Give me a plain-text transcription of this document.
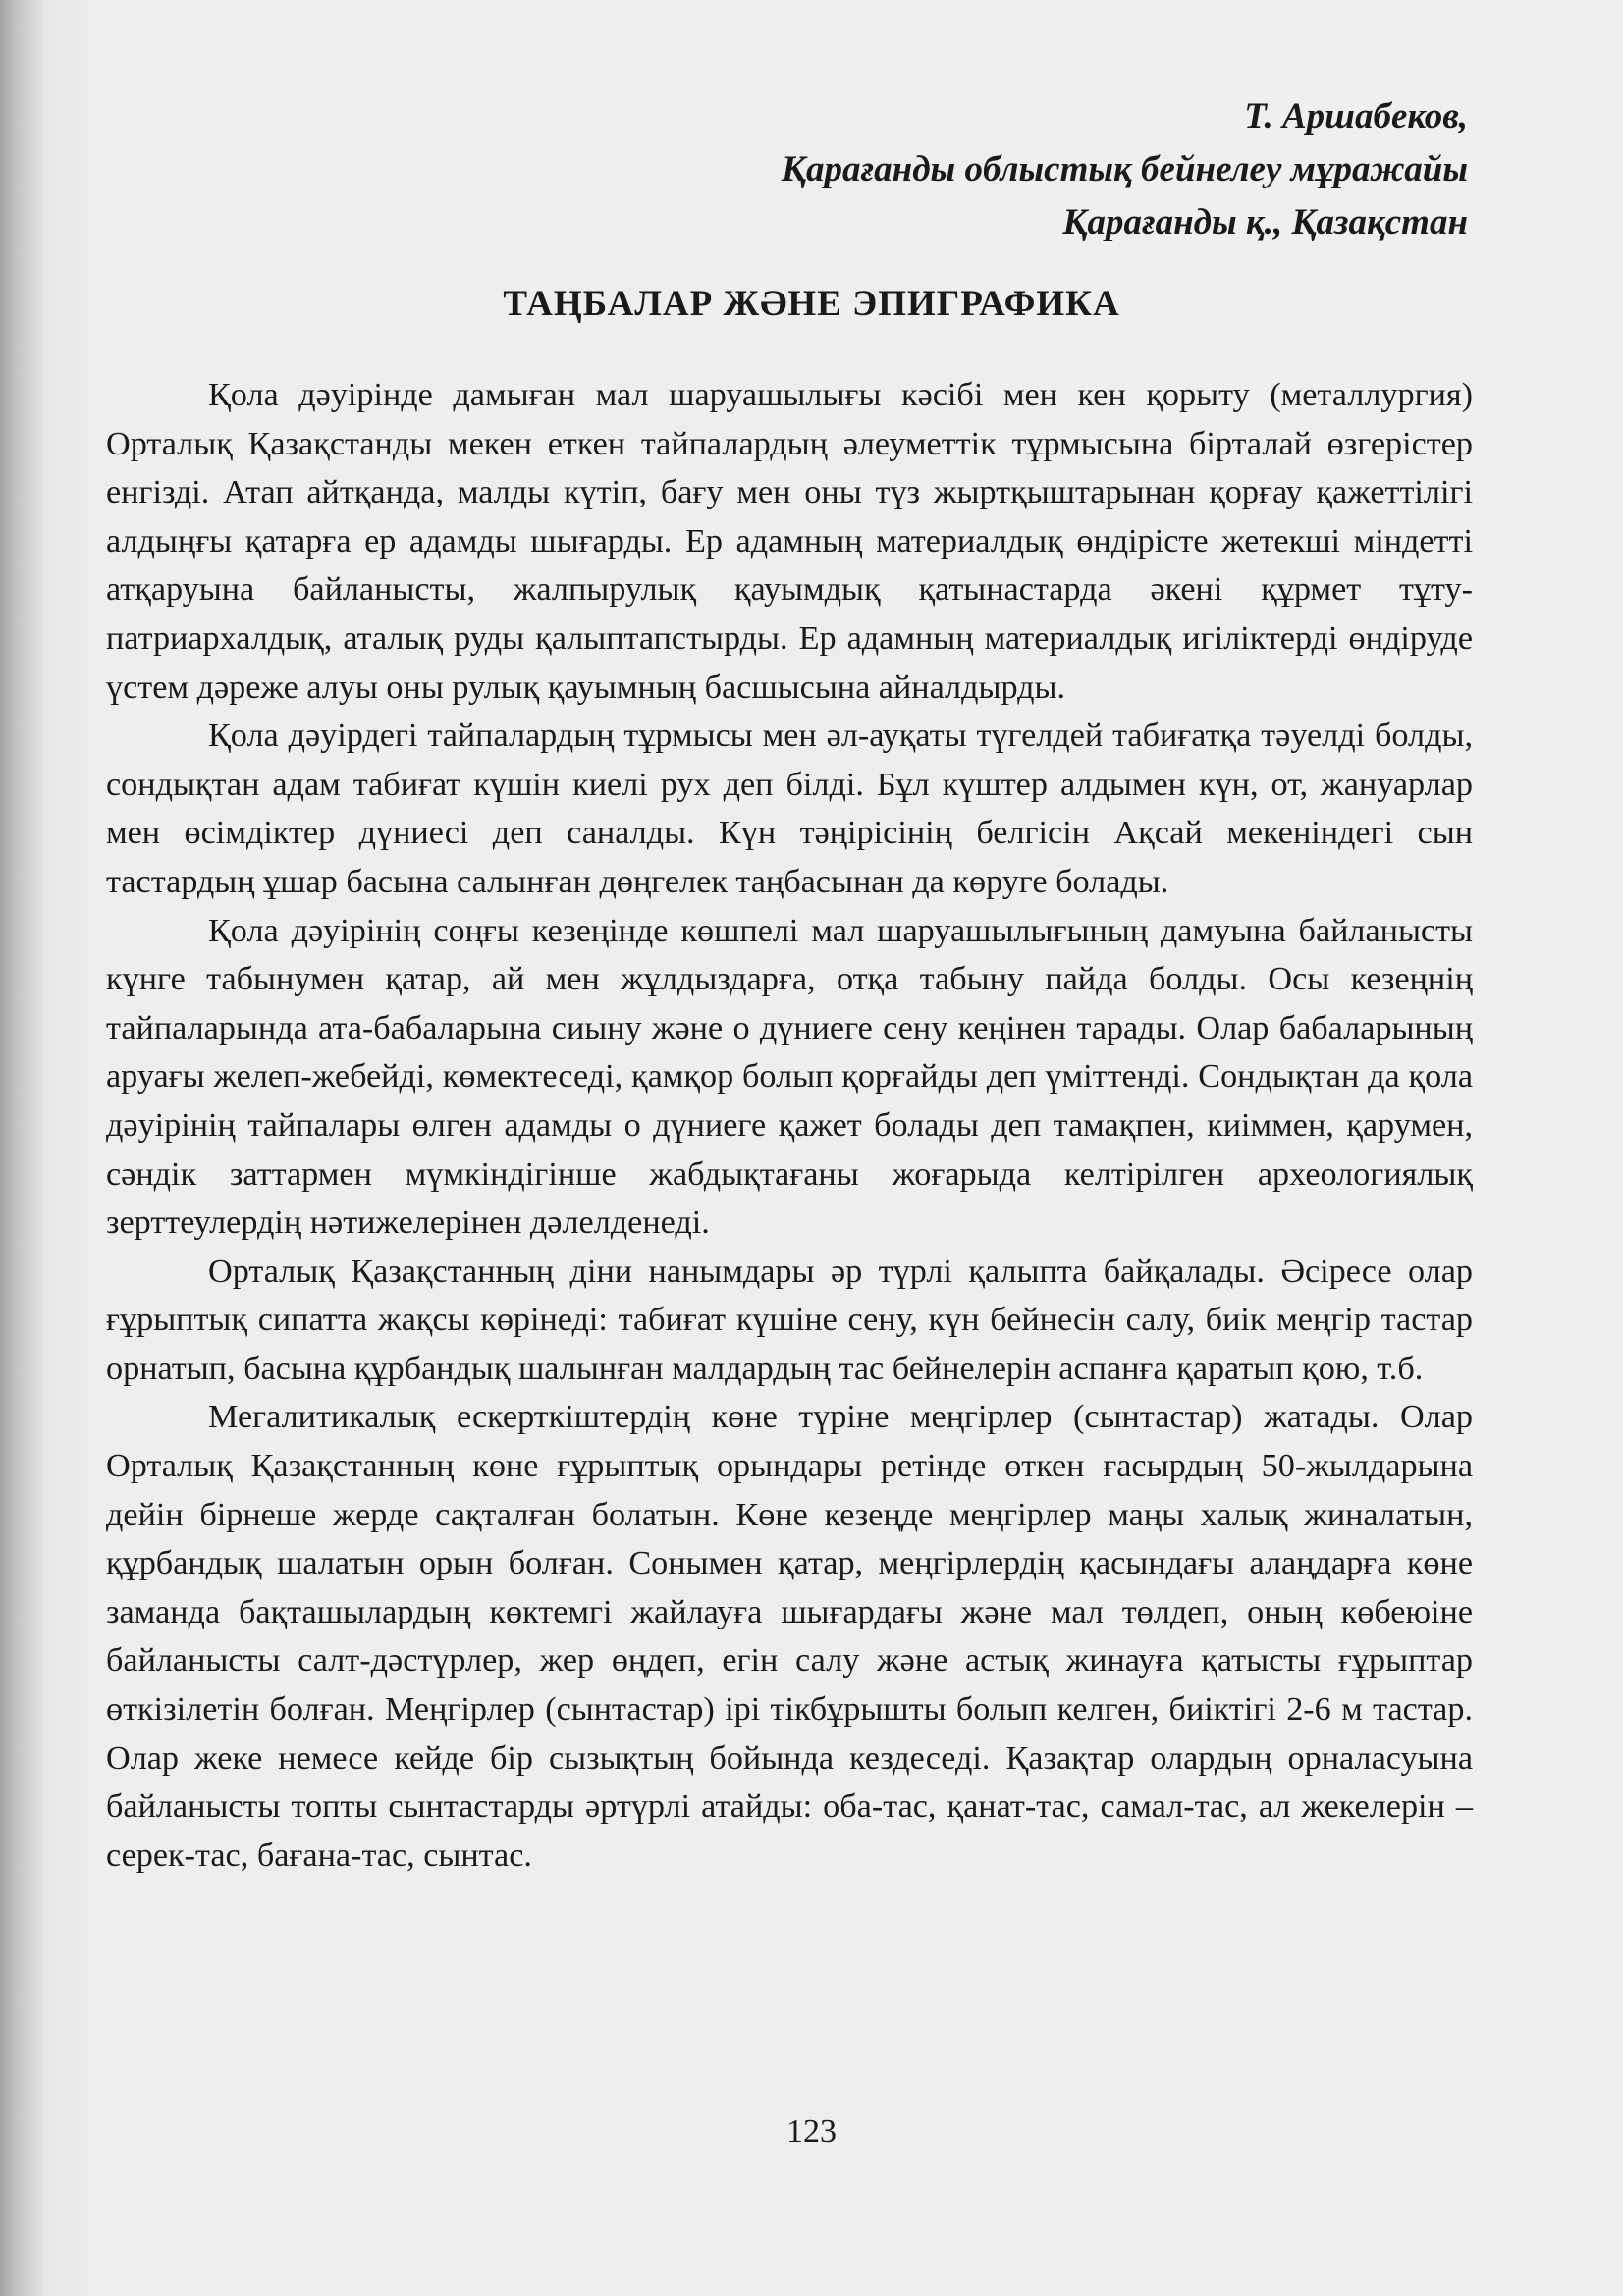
Т. Аршабеков,
Қарағанды облыстық бейнелеу мұражайы
Қарағанды қ., Қазақстан
ТАҢБАЛАР ЖӘНЕ ЭПИГРАФИКА

Қола дәуірінде дамыған мал шаруашылығы кәсібі мен кен қорыту (металлургия) Орталық Қазақстанды мекен еткен тайпалардың әлеуметтік тұрмысына бірталай өзгерістер енгізді. Атап айтқанда, малды күтіп, бағу мен оны түз жыртқыштарынан қорғау қажеттілігі алдыңғы қатарға ер адамды шығарды. Ер адамның материалдық өндірісте жетекші міндетті атқаруына байланысты, жалпырулық қауымдық қатынастарда әкені құрмет тұту- патриархалдық, аталық руды қалыптапстырды. Ер адамның материалдық игіліктерді өндіруде үстем дәреже алуы оны рулық қауымның басшысына айналдырды.

Қола дәуірдегі тайпалардың тұрмысы мен әл-ауқаты түгелдей табиғатқа тәуелді болды, сондықтан адам табиғат күшін киелі рух деп білді. Бұл күштер алдымен күн, от, жануарлар мен өсімдіктер дүниесі деп саналды. Күн тәңірісінің белгісін Ақсай мекеніндегі сын тастардың ұшар басына салынған дөңгелек таңбасынан да көруге болады.

Қола дәуірінің соңғы кезеңінде көшпелі мал шаруашылығының дамуына байланысты күнге табынумен қатар, ай мен жұлдыздарға, отқа табыну пайда болды. Осы кезеңнің тайпаларында ата-бабаларына сиыну және о дүниеге сену кеңінен тарады. Олар бабаларының аруағы желеп-жебейді, көмектеседі, қамқор болып қорғайды деп үміттенді. Сондықтан да қола дәуірінің тайпалары өлген адамды о дүниеге қажет болады деп тамақпен, киіммен, қарумен, сәндік заттармен мүмкіндігінше жабдықтағаны жоғарыда келтірілген археологиялық зерттеулердің нәтижелерінен дәлелденеді.

Орталық Қазақстанның діни нанымдары әр түрлі қалыпта байқалады. Әсіресе олар ғұрыптық сипатта жақсы көрінеді: табиғат күшіне сену, күн бейнесін салу, биік меңгір тастар орнатып, басына құрбандық шалынған малдардың тас бейнелерін аспанға қаратып қою, т.б.

Мегалитикалық ескерткіштердің көне түріне меңгірлер (сынтастар) жатады. Олар Орталық Қазақстанның көне ғұрыптық орындары ретінде өткен ғасырдың 50-жылдарына дейін бірнеше жерде сақталған болатын. Көне кезеңде меңгірлер маңы халық жиналатын, құрбандық шалатын орын болған. Сонымен қатар, меңгірлердің қасындағы алаңдарға көне заманда бақташылардың көктемгі жайлауға шығардағы және мал төлдеп, оның көбеюіне байланысты салт-дәстүрлер, жер өңдеп, егін салу және астық жинауға қатысты ғұрыптар өткізілетін болған. Меңгірлер (сынтастар) ірі тікбұрышты болып келген, биіктігі 2-6 м тастар. Олар жеке немесе кейде бір сызықтың бойында кездеседі. Қазақтар олардың орналасуына байланысты топты сынтастарды әртүрлі атайды: оба-тас, қанат-тас, самал-тас, ал жекелерін – серек-тас, бағана-тас, сынтас.

123
